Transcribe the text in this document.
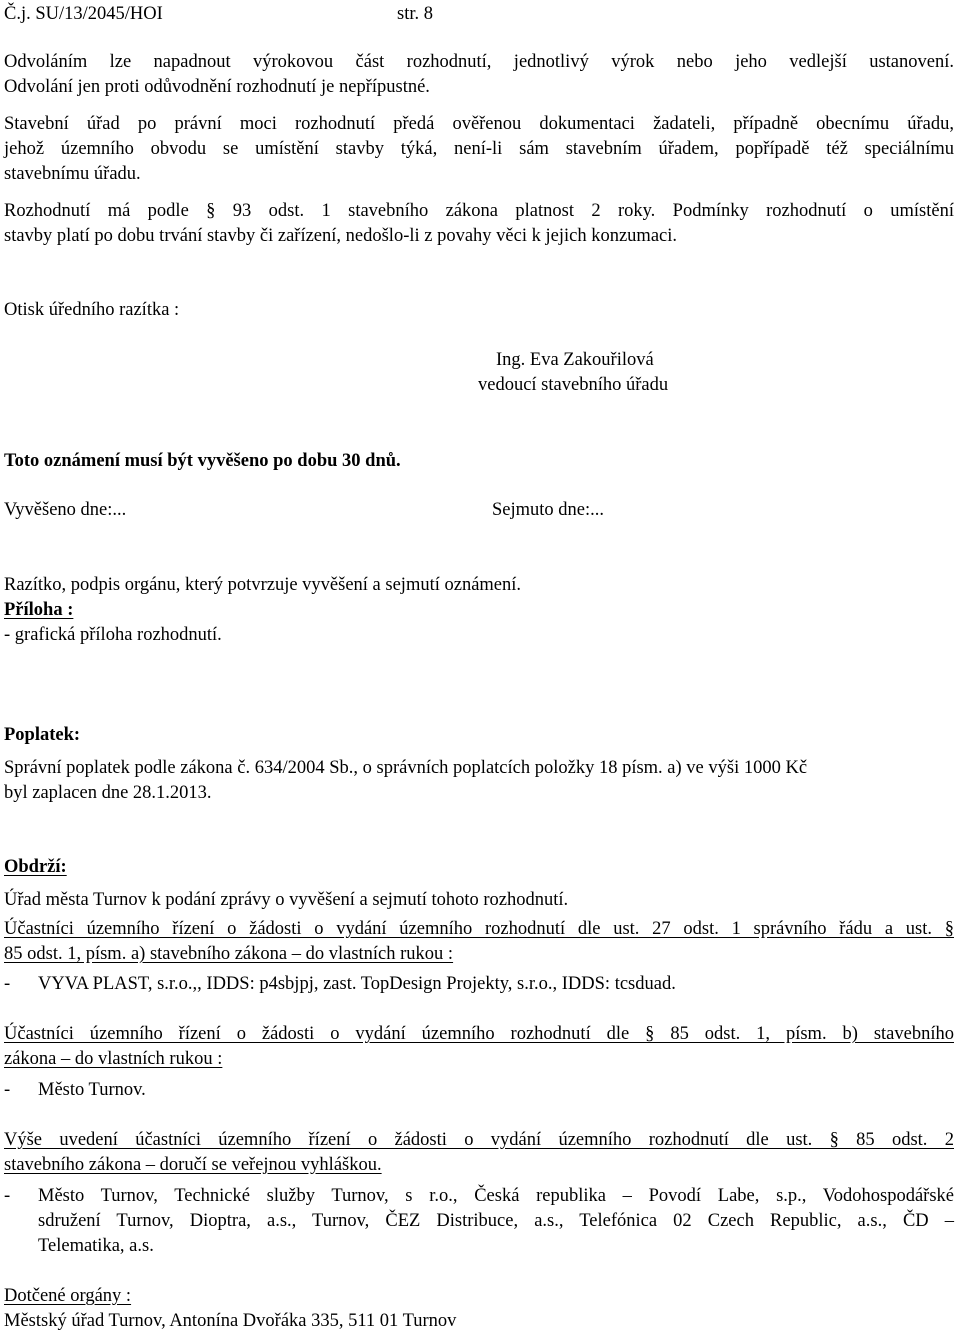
Č.j. SU/13/2045/HOI	str. 8
Odvoláním lze napadnout výrokovou část rozhodnutí, jednotlivý výrok nebo jeho vedlejší ustanovení.
Odvolání jen proti odůvodnění rozhodnutí je nepřípustné.
Stavební úřad po právní moci rozhodnutí předá ověřenou dokumentaci žadateli, případně obecnímu úřadu,
jehož územního obvodu se umístění stavby týká, není-li sám stavebním úřadem, popřípadě též speciálnímu
stavebnímu úřadu.
Rozhodnutí má podle § 93 odst. 1 stavebního zákona platnost 2 roky. Podmínky rozhodnutí o umístění
stavby platí po dobu trvání stavby či zařízení, nedošlo-li z povahy věci k jejich konzumaci.
Otisk úředního razítka :
Ing. Eva Zakouřilová
vedoucí stavebního úřadu
Toto oznámení musí být vyvěšeno po dobu 30 dnů.
Vyvěšeno dne:...	Sejmuto dne:...
Razítko, podpis orgánu, který potvrzuje vyvěšení a sejmutí oznámení.
Příloha :
- grafická příloha rozhodnutí.
Poplatek:
Správní poplatek podle zákona č. 634/2004 Sb., o správních poplatcích položky 18 písm. a) ve výši 1000 Kč
byl zaplacen dne 28.1.2013.
Obdrží:
Úřad města Turnov k podání zprávy o vyvěšení a sejmutí tohoto rozhodnutí.
Účastníci územního řízení o žádosti o vydání územního rozhodnutí dle ust. 27 odst. 1 správního řádu a ust. §
85 odst. 1, písm. a) stavebního zákona – do vlastních rukou :
- VYVA PLAST, s.r.o.,, IDDS: p4sbjpj, zast. TopDesign Projekty, s.r.o., IDDS: tcsduad.
Účastníci územního řízení o žádosti o vydání územního rozhodnutí dle § 85 odst. 1, písm. b) stavebního
zákona – do vlastních rukou :
- Město Turnov.
Výše uvedení účastníci územního řízení o žádosti o vydání územního rozhodnutí dle ust. § 85 odst. 2
stavebního zákona – doručí se veřejnou vyhláškou.
- Město Turnov, Technické služby Turnov, s r.o., Česká republika – Povodí Labe, s.p., Vodohospodářské
sdružení Turnov, Dioptra, a.s., Turnov, ČEZ Distribuce, a.s., Telefónica 02 Czech Republic, a.s., ČD –
Telematika, a.s.
Dotčené orgány :
Městský úřad Turnov, Antonína Dvořáka 335, 511 01 Turnov
